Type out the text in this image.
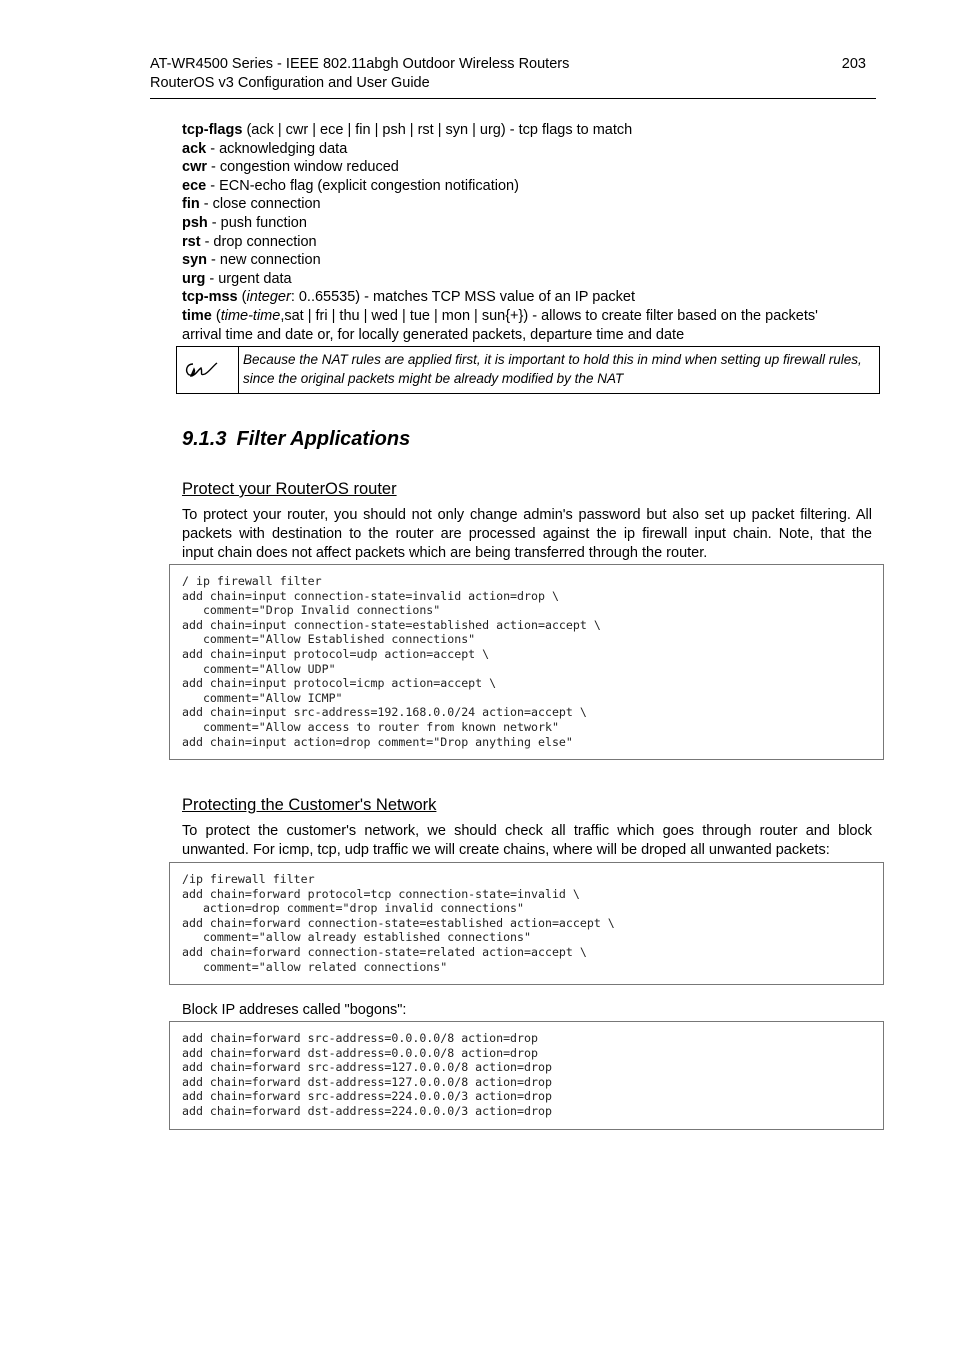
AT-WR4500 Series - IEEE 802.11abgh Outdoor Wireless Routers
RouterOS v3 Configuration and User Guide
203

tcp-flags (ack | cwr | ece | fin | psh | rst | syn | urg) - tcp flags to match

ack - acknowledging data

cwr - congestion window reduced

ece - ECN-echo flag (explicit congestion notification)

fin - close connection

psh - push function

rst - drop connection

syn - new connection

urg - urgent data

tcp-mss (integer: 0..65535) - matches TCP MSS value of an IP packet

time (time-time,sat | fri | thu | wed | tue | mon | sun{+}) - allows to create filter based on the packets'

arrival time and date or, for locally generated packets, departure time and date

Because the NAT rules are applied first, it is important to hold this in mind when setting up firewall rules,
since the original packets might be already modified by the NAT
9.1.3 Filter Applications
Protect your RouterOS router
To protect your router, you should not only change admin's password but also set up packet filtering. All
packets with destination to the router are processed against the ip firewall input chain. Note, that the
input chain does not affect packets which are being transferred through the router.
/ ip firewall filter
add chain=input connection-state=invalid action=drop \
comment="Drop Invalid connections"
add chain=input connection-state=established action=accept \
comment="Allow Established connections"
add chain=input protocol=udp action=accept \
comment="Allow UDP"
add chain=input protocol=icmp action=accept \
comment="Allow ICMP"
add chain=input src-address=192.168.0.0/24 action=accept \
comment="Allow access to router from known network"
add chain=input action=drop comment="Drop anything else"
Protecting the Customer's Network
To protect the customer's network, we should check all traffic which goes through router and block
unwanted. For icmp, tcp, udp traffic we will create chains, where will be droped all unwanted packets:
/ip firewall filter
add chain=forward protocol=tcp connection-state=invalid \
action=drop comment="drop invalid connections"
add chain=forward connection-state=established action=accept \
comment="allow already established connections"
add chain=forward connection-state=related action=accept \
comment="allow related connections"

Block IP addreses called "bogons":

add chain=forward src-address=0.0.0.0/8 action=drop
add chain=forward dst-address=0.0.0.0/8 action=drop
add chain=forward src-address=127.0.0.0/8 action=drop
add chain=forward dst-address=127.0.0.0/8 action=drop
add chain=forward src-address=224.0.0.0/3 action=drop
add chain=forward dst-address=224.0.0.0/3 action=drop
